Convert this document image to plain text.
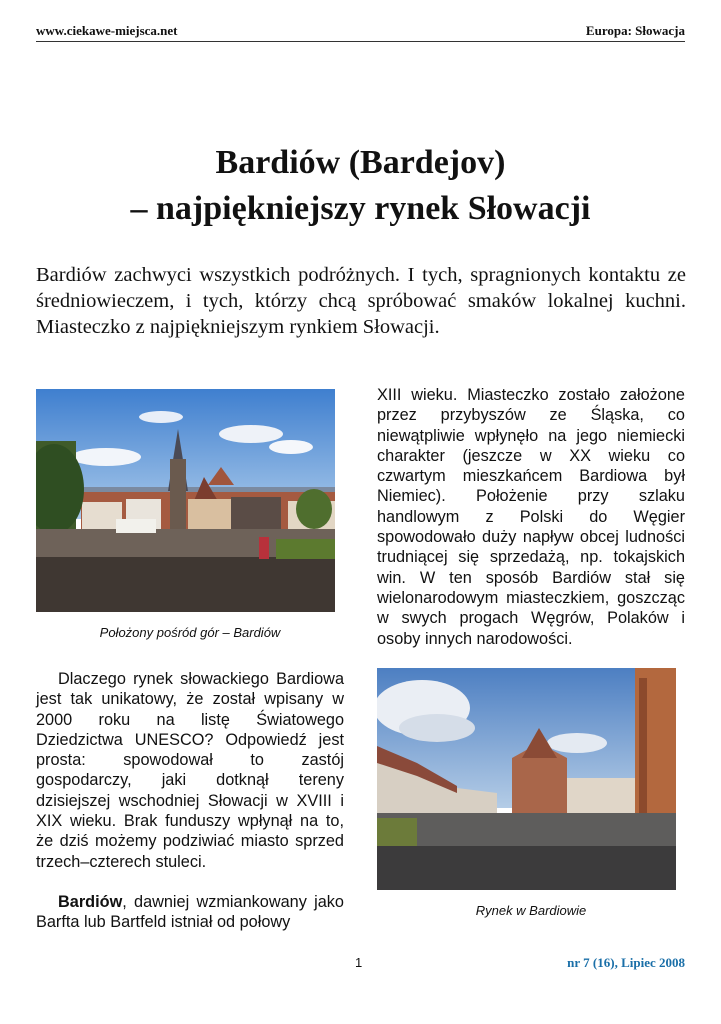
www.ciekawe-miejsca.net	Europa: Słowacja
Bardiów (Bardejov)
– najpiękniejszy rynek Słowacji
Bardiów zachwyci wszystkich podróżnych. I tych, spragnionych kontaktu ze średniowieczem, i tych, którzy chcą spróbować smaków lokalnej kuchni. Miasteczko z najpiękniejszym rynkiem Słowacji.
Położony pośród gór – Bardiów

Dlaczego rynek słowackiego Bardiowa jest tak unikatowy, że został wpisany w 2000 roku na listę Światowego Dziedzictwa UNESCO? Odpowiedź jest prosta: spowodował to zastój gospodarczy, jaki dotknął tereny dzisiejszej wschodniej Słowacji w XVIII i XIX wieku. Brak funduszy wpłynął na to, że dziś możemy podziwiać miasto sprzed trzech–czterech stuleci.

Bardiów, dawniej wzmiankowany jako Barfta lub Bartfeld istniał od połowy

XIII wieku. Miasteczko zostało założone przez przybyszów ze Śląska, co niewątpliwie wpłynęło na jego niemiecki charakter (jeszcze w XX wieku co czwartym mieszkańcem Bardiowa był Niemiec). Położenie przy szlaku handlowym z Polski do Węgier spowodowało duży napływ obcej ludności trudniącej się sprzedażą, np. tokajskich win. W ten sposób Bardiów stał się wielonarodowym miasteczkiem, goszcząc w swych progach Węgrów, Polaków i osoby innych narodowości.

Rynek w Bardiowie
1	nr 7 (16), Lipiec 2008
